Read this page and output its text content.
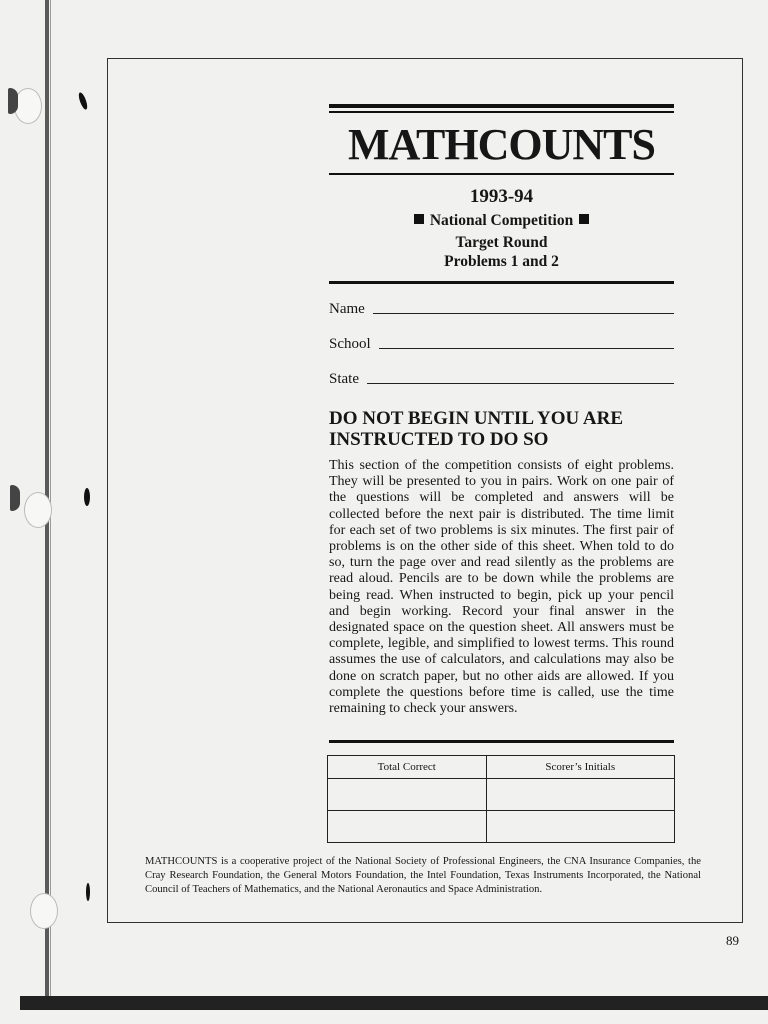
MATHCOUNTS
1993-94
National Competition
Target Round
Problems 1 and 2
Name
School
State
DO NOT BEGIN UNTIL YOU ARE INSTRUCTED TO DO SO
This section of the competition consists of eight problems. They will be presented to you in pairs. Work on one pair of the questions will be completed and answers will be collected before the next pair is distributed. The time limit for each set of two problems is six minutes. The first pair of problems is on the other side of this sheet. When told to do so, turn the page over and read silently as the problems are read aloud. Pencils are to be down while the problems are being read. When instructed to begin, pick up your pencil and begin working. Record your final answer in the designated space on the question sheet. All answers must be complete, legible, and simplified to lowest terms. This round assumes the use of calculators, and calculations may also be done on scratch paper, but no other aids are allowed. If you complete the questions before time is called, use the time remaining to check your answers.
Total Correct	Scorer’s Initials

MATHCOUNTS is a cooperative project of the National Society of Professional Engineers, the CNA Insurance Companies, the Cray Research Foundation, the General Motors Foundation, the Intel Foundation, Texas Instruments Incorporated, the National Council of Teachers of Mathematics, and the National Aeronautics and Space Administration.
89
